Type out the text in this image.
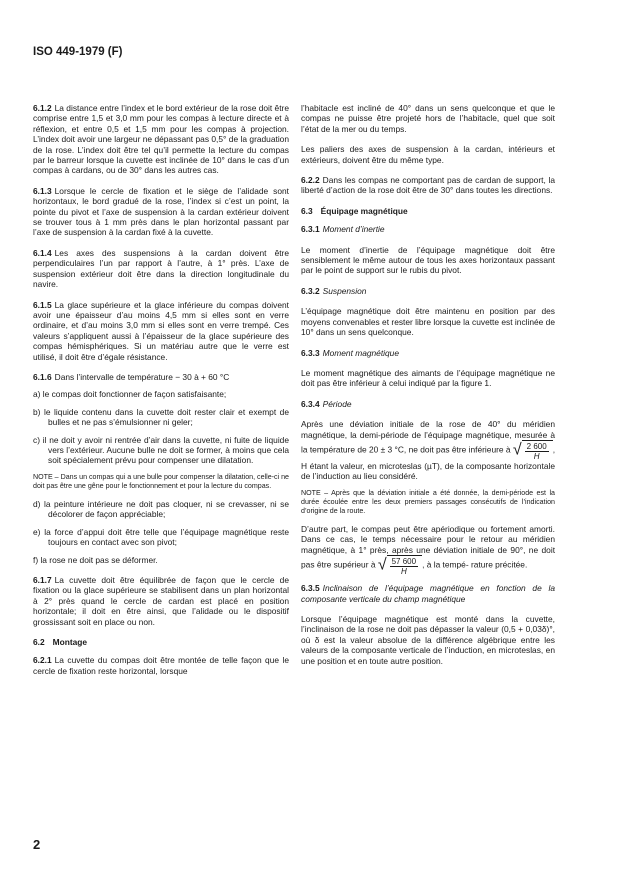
ISO 449-1979 (F)

6.1.2 La distance entre l’index et le bord extérieur de la rose doit être comprise entre 1,5 et 3,0 mm pour les compas à lecture directe et à réflexion, et entre 0,5 et 1,5 mm pour les compas à projection. L’index doit avoir une largeur ne dépassant pas 0,5° de la graduation de la rose. L’index doit être tel qu’il permette la lecture du compas par le barreur lorsque la cuvette est inclinée de 10° dans le cas d’un compas à cardans, ou de 30° dans les autres cas.

6.1.3 Lorsque le cercle de fixation et le siège de l’alidade sont horizontaux, le bord gradué de la rose, l’index si c’est un point, la pointe du pivot et l’axe de suspension à la cardan extérieur doivent se trouver tous à 1 mm près dans le plan horizontal passant par l’axe de suspension à la cardan fixé à la cuvette.

6.1.4 Les axes des suspensions à la cardan doivent être perpendiculaires l’un par rapport à l’autre, à 1° près. L’axe de suspension extérieur doit être dans la direction longitudinale du navire.

6.1.5 La glace supérieure et la glace inférieure du compas doivent avoir une épaisseur d’au moins 4,5 mm si elles sont en verre ordinaire, et d’au moins 3,0 mm si elles sont en verre trempé. Ces valeurs s’appliquent aussi à l’épaisseur de la glace supérieure des compas hémisphériques. Si un matériau autre que le verre est utilisé, il doit être d’égale résistance.

6.1.6 Dans l’intervalle de température − 30 à + 60 °C

a) le compas doit fonctionner de façon satisfaisante;

b) le liquide contenu dans la cuvette doit rester clair et exempt de bulles et ne pas s’émulsionner ni geler;

c) il ne doit y avoir ni rentrée d’air dans la cuvette, ni fuite de liquide vers l’extérieur. Aucune bulle ne doit se former, à moins que cela soit spécialement prévu pour compenser une dilatation.

NOTE – Dans un compas qui a une bulle pour compenser la dilatation, celle-ci ne doit pas être une gêne pour le fonctionnement et pour la lecture du compas.

d) la peinture intérieure ne doit pas cloquer, ni se crevasser, ni se décolorer de façon appréciable;

e) la force d’appui doit être telle que l’équipage magnétique reste toujours en contact avec son pivot;

f) la rose ne doit pas se déformer.

6.1.7 La cuvette doit être équilibrée de façon que le cercle de fixation ou la glace supérieure se stabilisent dans un plan horizontal à 2° près quand le cercle de cardan est placé en position horizontale; il doit en être ainsi, que l’alidade ou le dispositif grossissant soit en place ou non.

6.2 Montage

6.2.1 La cuvette du compas doit être montée de telle façon que le cercle de fixation reste horizontal, lorsque

l’habitacle est incliné de 40° dans un sens quelconque et que le compas ne puisse être projeté hors de l’habitacle, quel que soit l’état de la mer ou du temps.

Les paliers des axes de suspension à la cardan, intérieurs et extérieurs, doivent être du même type.

6.2.2 Dans les compas ne comportant pas de cardan de support, la liberté d’action de la rose doit être de 30° dans toutes les directions.

6.3 Équipage magnétique

6.3.1 Moment d’inertie

Le moment d’inertie de l’équipage magnétique doit être sensiblement le même autour de tous les axes horizontaux passant par le point de support sur le rubis du pivot.

6.3.2 Suspension

L’équipage magnétique doit être maintenu en position par des moyens convenables et rester libre lorsque la cuvette est inclinée de 10° dans un sens quelconque.

6.3.3 Moment magnétique

Le moment magnétique des aimants de l’équipage magnétique ne doit pas être inférieur à celui indiqué par la figure 1.

6.3.4 Période

Après une déviation initiale de la rose de 40° du méridien magnétique, la demi-période de l’équipage magnétique, mesurée à la température de 20 ± 3 °C, ne doit pas être inférieure à √ $\frac{2 600}{H}$ , H étant la valeur, en microteslas (µT), de la composante horizontale de l’induction au lieu considéré.

NOTE – Après que la déviation initiale a été donnée, la demi-période est la durée écoulée entre les deux premiers passages consécutifs de l’indication d’origine de la route.

D’autre part, le compas peut être apériodique ou fortement amorti. Dans ce cas, le temps nécessaire pour le retour au méridien magnétique, à 1° près, après une déviation initiale de 90°, ne doit pas être supérieur à √ $\frac{57 600}{H}$ , à la tempé- rature précitée.

6.3.5 Inclinaison de l’équipage magnétique en fonction de la composante verticale du champ magnétique

Lorsque l’équipage magnétique est monté dans la cuvette, l’inclinaison de la rose ne doit pas dépasser la valeur (0,5 + 0,03δ)°, où δ est la valeur absolue de la différence algébrique entre les valeurs de la composante verticale de l’induction, en microteslas, en une position et en toute autre position.

2
